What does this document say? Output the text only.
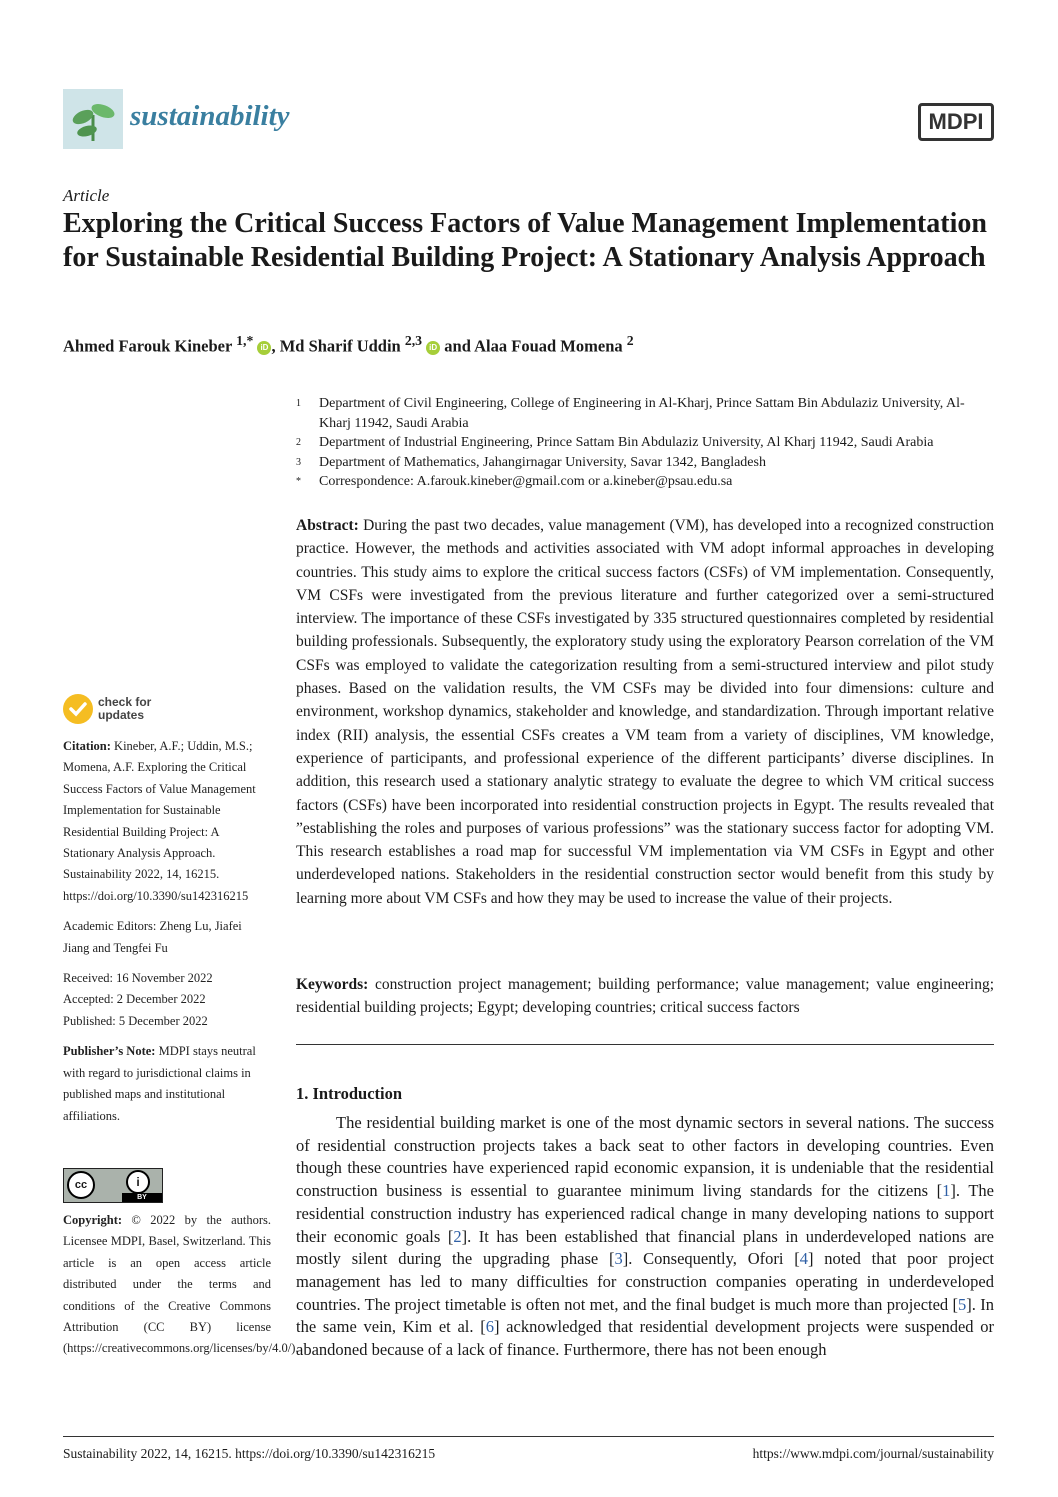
sustainability	MDPI
Article
Exploring the Critical Success Factors of Value Management Implementation for Sustainable Residential Building Project: A Stationary Analysis Approach
Ahmed Farouk Kineber $^{1,*}$ iD , Md Sharif Uddin $^{2,3}$ iD and Alaa Fouad Momena $^2$
1	Department of Civil Engineering, College of Engineering in Al-Kharj, Prince Sattam Bin Abdulaziz University, Al-Kharj 11942, Saudi Arabia
2	Department of Industrial Engineering, Prince Sattam Bin Abdulaziz University, Al Kharj 11942, Saudi Arabia
3	Department of Mathematics, Jahangirnagar University, Savar 1342, Bangladesh
*	Correspondence: A.farouk.kineber@gmail.com or a.kineber@psau.edu.sa
Abstract: During the past two decades, value management (VM), has developed into a recognized construction practice. However, the methods and activities associated with VM adopt informal approaches in developing countries. This study aims to explore the critical success factors (CSFs) of VM implementation. Consequently, VM CSFs were investigated from the previous literature and further categorized over a semi-structured interview. The importance of these CSFs investigated by 335 structured questionnaires completed by residential building professionals. Subsequently, the exploratory study using the exploratory Pearson correlation of the VM CSFs was employed to validate the categorization resulting from a semi-structured interview and pilot study phases. Based on the validation results, the VM CSFs may be divided into four dimensions: culture and environment, workshop dynamics, stakeholder and knowledge, and standardization. Through important relative index (RII) analysis, the essential CSFs creates a VM team from a variety of disciplines, VM knowledge, experience of participants, and professional experience of the different participants’ diverse disciplines. In addition, this research used a stationary analytic strategy to evaluate the degree to which VM critical success factors (CSFs) have been incorporated into residential construction projects in Egypt. The results revealed that ”establishing the roles and purposes of various professions” was the stationary success factor for adopting VM. This research establishes a road map for successful VM implementation via VM CSFs in Egypt and other underdeveloped nations. Stakeholders in the residential construction sector would benefit from this study by learning more about VM CSFs and how they may be used to increase the value of their projects.
Keywords: construction project management; building performance; value management; value engineering; residential building projects; Egypt; developing countries; critical success factors
1. Introduction
The residential building market is one of the most dynamic sectors in several nations. The success of residential construction projects takes a back seat to other factors in developing countries. Even though these countries have experienced rapid economic expansion, it is undeniable that the residential construction business is essential to guarantee minimum living standards for the citizens [1]. The residential construction industry has experienced radical change in many developing nations to support their economic goals [2]. It has been established that financial plans in underdeveloped nations are mostly silent during the upgrading phase [3]. Consequently, Ofori [4] noted that poor project management has led to many difficulties for construction companies operating in underdeveloped countries. The project timetable is often not met, and the final budget is much more than projected [5]. In the same vein, Kim et al. [6] acknowledged that residential development projects were suspended or abandoned because of a lack of finance. Furthermore, there has not been enough
check for
updates

Citation: Kineber, A.F.; Uddin, M.S.; Momena, A.F. Exploring the Critical Success Factors of Value Management Implementation for Sustainable Residential Building Project: A Stationary Analysis Approach. Sustainability 2022, 14, 16215. https://doi.org/10.3390/su142316215

Academic Editors: Zheng Lu, Jiafei Jiang and Tengfei Fu

Received: 16 November 2022

Accepted: 2 December 2022

Published: 5 December 2022

Publisher’s Note: MDPI stays neutral with regard to jurisdictional claims in published maps and institutional affiliations.

cc	i
BY
Copyright: © 2022 by the authors. Licensee MDPI, Basel, Switzerland. This article is an open access article distributed under the terms and conditions of the Creative Commons Attribution (CC BY) license (https://creativecommons.org/licenses/by/4.0/).
Sustainability 2022, 14, 16215. https://doi.org/10.3390/su142316215	https://www.mdpi.com/journal/sustainability
